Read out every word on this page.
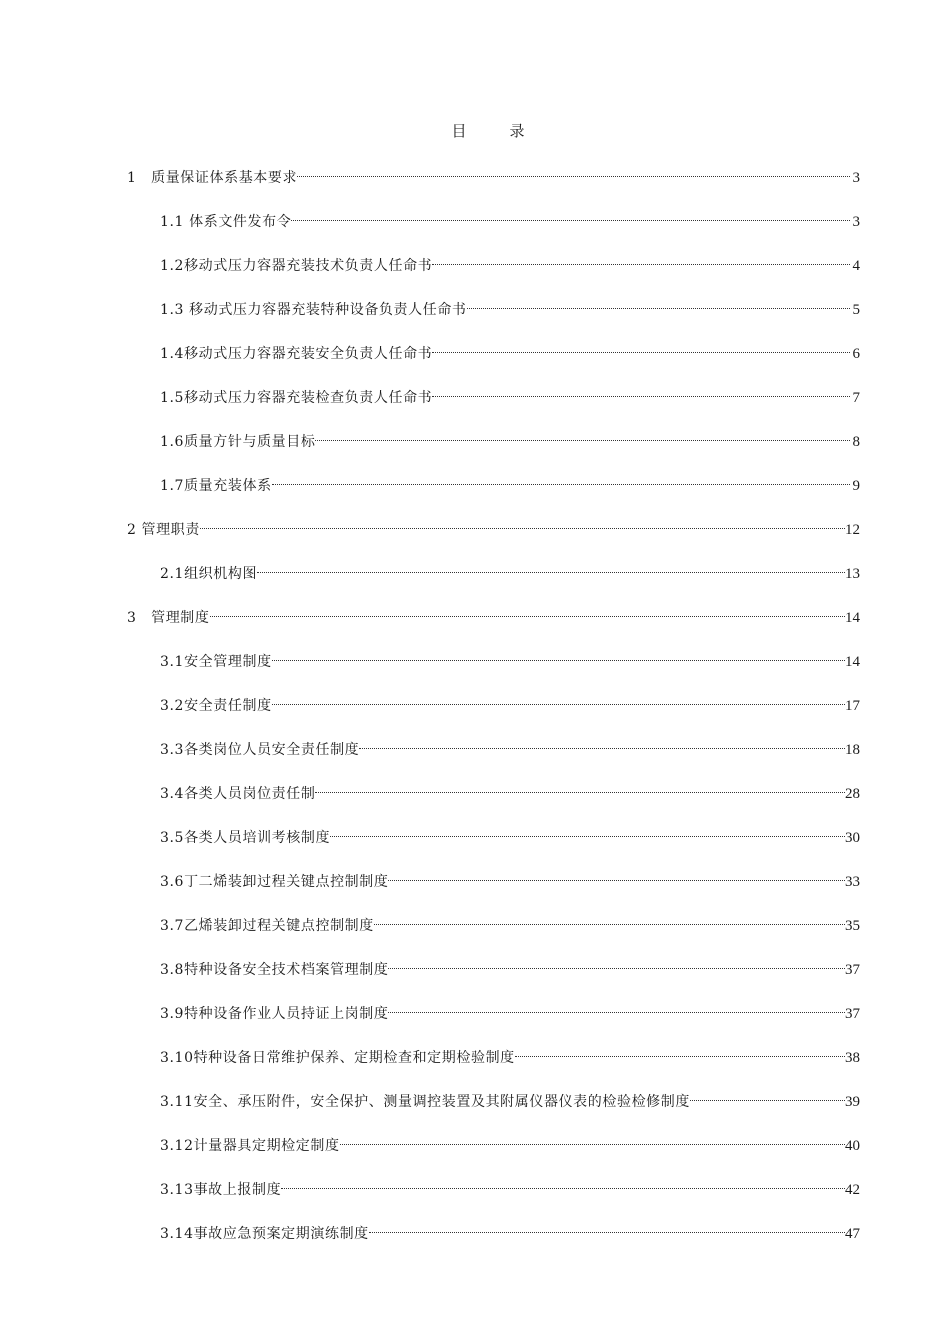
目　录
1　质量保证体系基本要求	3
1.1 体系文件发布令	3
1.2移动式压力容器充装技术负责人任命书	4
1.3 移动式压力容器充装特种设备负责人任命书	5
1.4移动式压力容器充装安全负责人任命书	6
1.5移动式压力容器充装检查负责人任命书	7
1.6质量方针与质量目标	8
1.7质量充装体系	9
2 管理职责	12
2.1组织机构图	13
3　管理制度	14
3.1安全管理制度	14
3.2安全责任制度	17
3.3各类岗位人员安全责任制度	18
3.4各类人员岗位责任制	28
3.5各类人员培训考核制度	30
3.6丁二烯装卸过程关键点控制制度	33
3.7乙烯装卸过程关键点控制制度	35
3.8特种设备安全技术档案管理制度	37
3.9特种设备作业人员持证上岗制度	37
3.10特种设备日常维护保养、定期检查和定期检验制度	38
3.11安全、承压附件，安全保护、测量调控装置及其附属仪器仪表的检验检修制度	39
3.12计量器具定期检定制度	40
3.13事故上报制度	42
3.14事故应急预案定期演练制度	47
